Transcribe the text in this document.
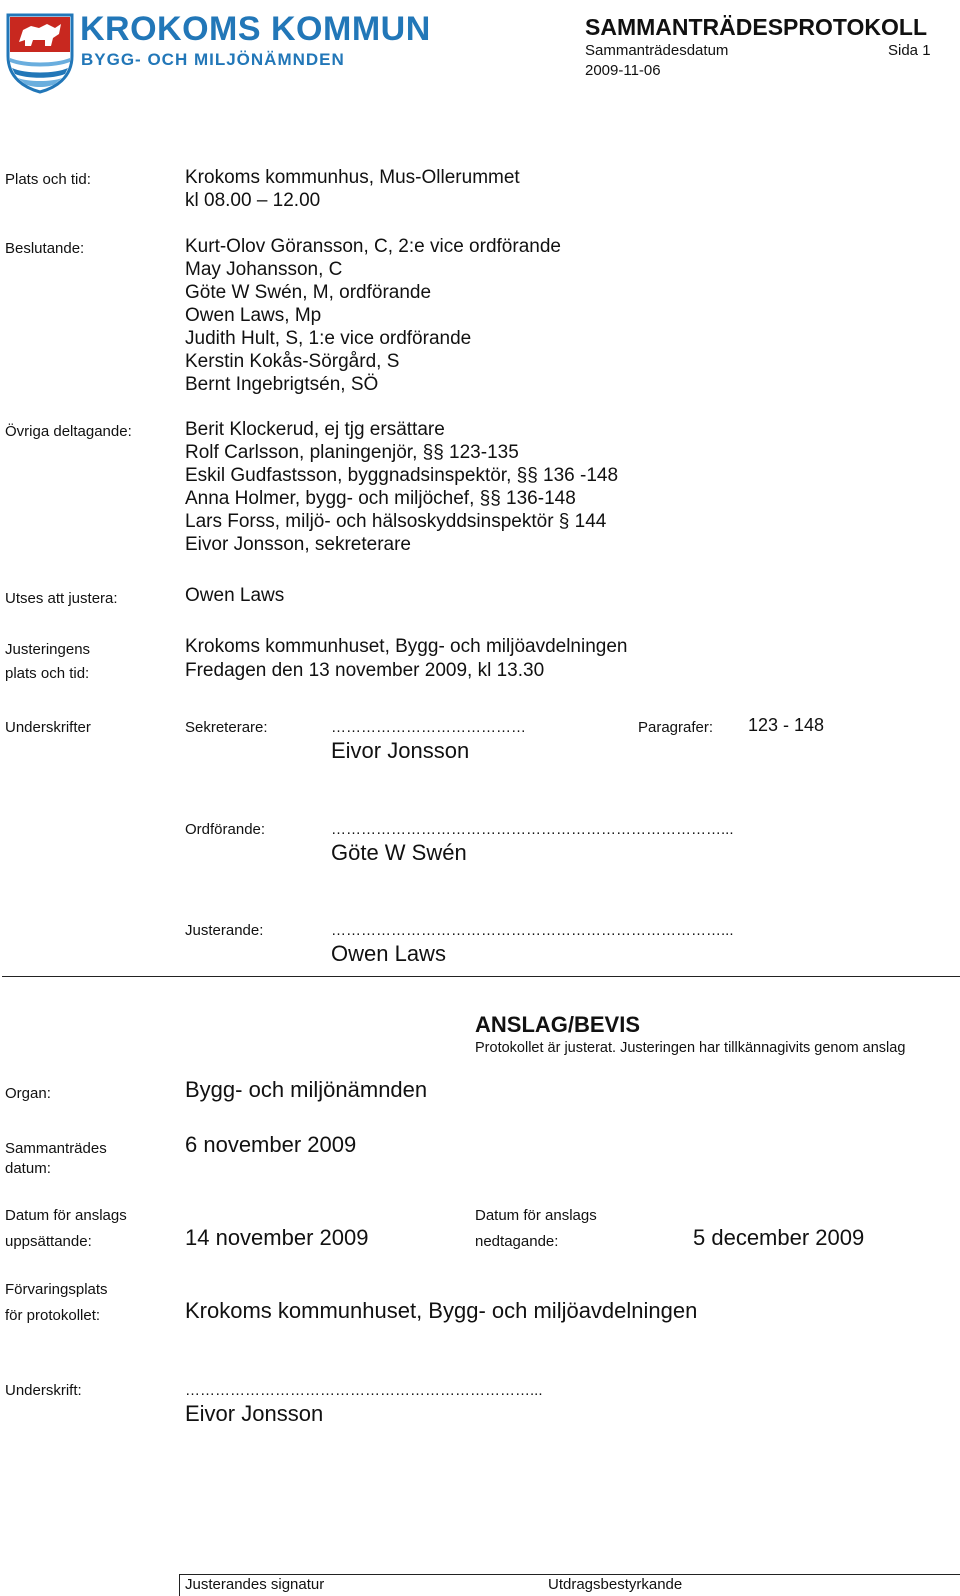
KROKOMS KOMMUN
BYGG- OCH MILJÖNÄMNDEN
SAMMANTRÄDESPROTOKOLL
Sammanträdesdatum	Sida 1
2009-11-06
Plats och tid:	Krokoms kommunhus, Mus-Ollerummet
kl 08.00 – 12.00
Beslutande:	Kurt-Olov Göransson, C, 2:e vice ordförande
May Johansson, C
Göte W Swén, M, ordförande
Owen Laws, Mp
Judith Hult, S, 1:e vice ordförande
Kerstin Kokås-Sörgård, S
Bernt Ingebrigtsén, SÖ
Övriga deltagande:	Berit Klockerud, ej tjg ersättare
Rolf Carlsson, planingenjör, §§ 123-135
Eskil Gudfastsson, byggnadsinspektör, §§ 136 -148
Anna Holmer, bygg- och miljöchef, §§ 136-148
Lars Forss, miljö- och hälsoskyddsinspektör § 144
Eivor Jonsson, sekreterare
Utses att justera:	Owen Laws
Justeringens
plats och tid:
Krokoms kommunhuset, Bygg- och miljöavdelningen
Fredagen den 13 november 2009, kl 13.30
Underskrifter	Sekreterare:	…………………………………	Paragrafer: 123 - 148
Eivor Jonsson
Ordförande:	……………………………………………………………………...
Göte W Swén
Justerande:	……………………………………………………………………...
Owen Laws
ANSLAG/BEVIS
Protokollet är justerat. Justeringen har tillkännagivits genom anslag
Organ:	Bygg- och miljönämnden
Sammanträdes
datum:
6 november 2009
Datum för anslags
uppsättande:	14 november 2009
Datum för anslags
nedtagande:	5 december 2009
Förvaringsplats
för protokollet:	Krokoms kommunhuset, Bygg- och miljöavdelningen
Underskrift:	……………………………………………………………...
Eivor Jonsson
Justerandes signatur	Utdragsbestyrkande
